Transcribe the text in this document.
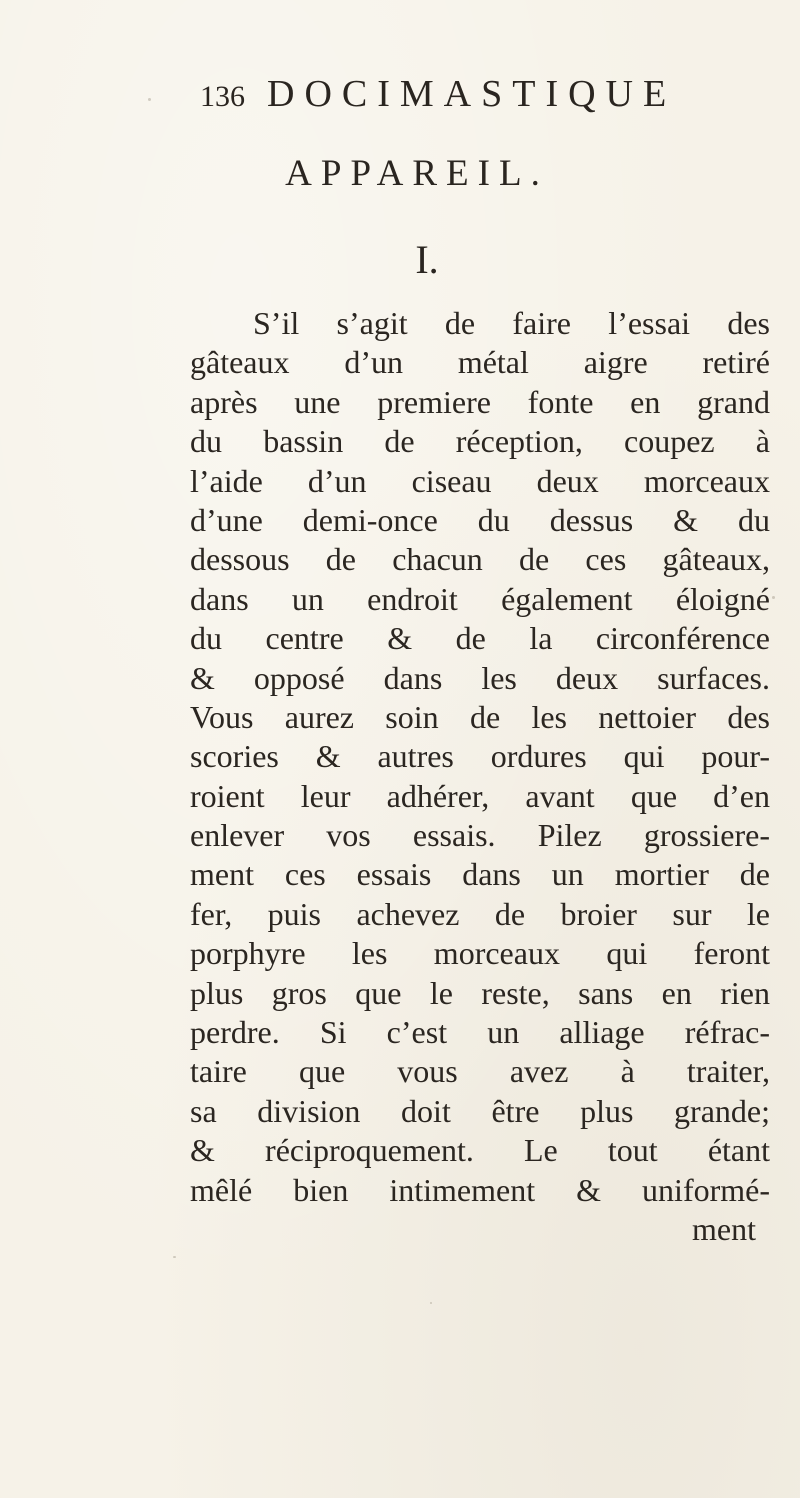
136 DOCIMASTIQUE
APPAREIL.
I.
S’il s’agit de faire l’essai des
gâteaux d’un métal aigre retiré
après une premiere fonte en grand
du bassin de réception, coupez à
l’aide d’un ciseau deux morceaux
d’une demi-once du dessus & du
dessous de chacun de ces gâteaux,
dans un endroit également éloigné
du centre & de la circonférence
& opposé dans les deux surfaces.
Vous aurez soin de les nettoier des
scories & autres ordures qui pour-
roient leur adhérer, avant que d’en
enlever vos essais. Pilez grossiere-
ment ces essais dans un mortier de
fer, puis achevez de broier sur le
porphyre les morceaux qui feront
plus gros que le reste, sans en rien
perdre. Si c’est un alliage réfrac-
taire que vous avez à traiter,
sa division doit être plus grande;
& réciproquement. Le tout étant
mêlé bien intimement & uniformé-
ment
